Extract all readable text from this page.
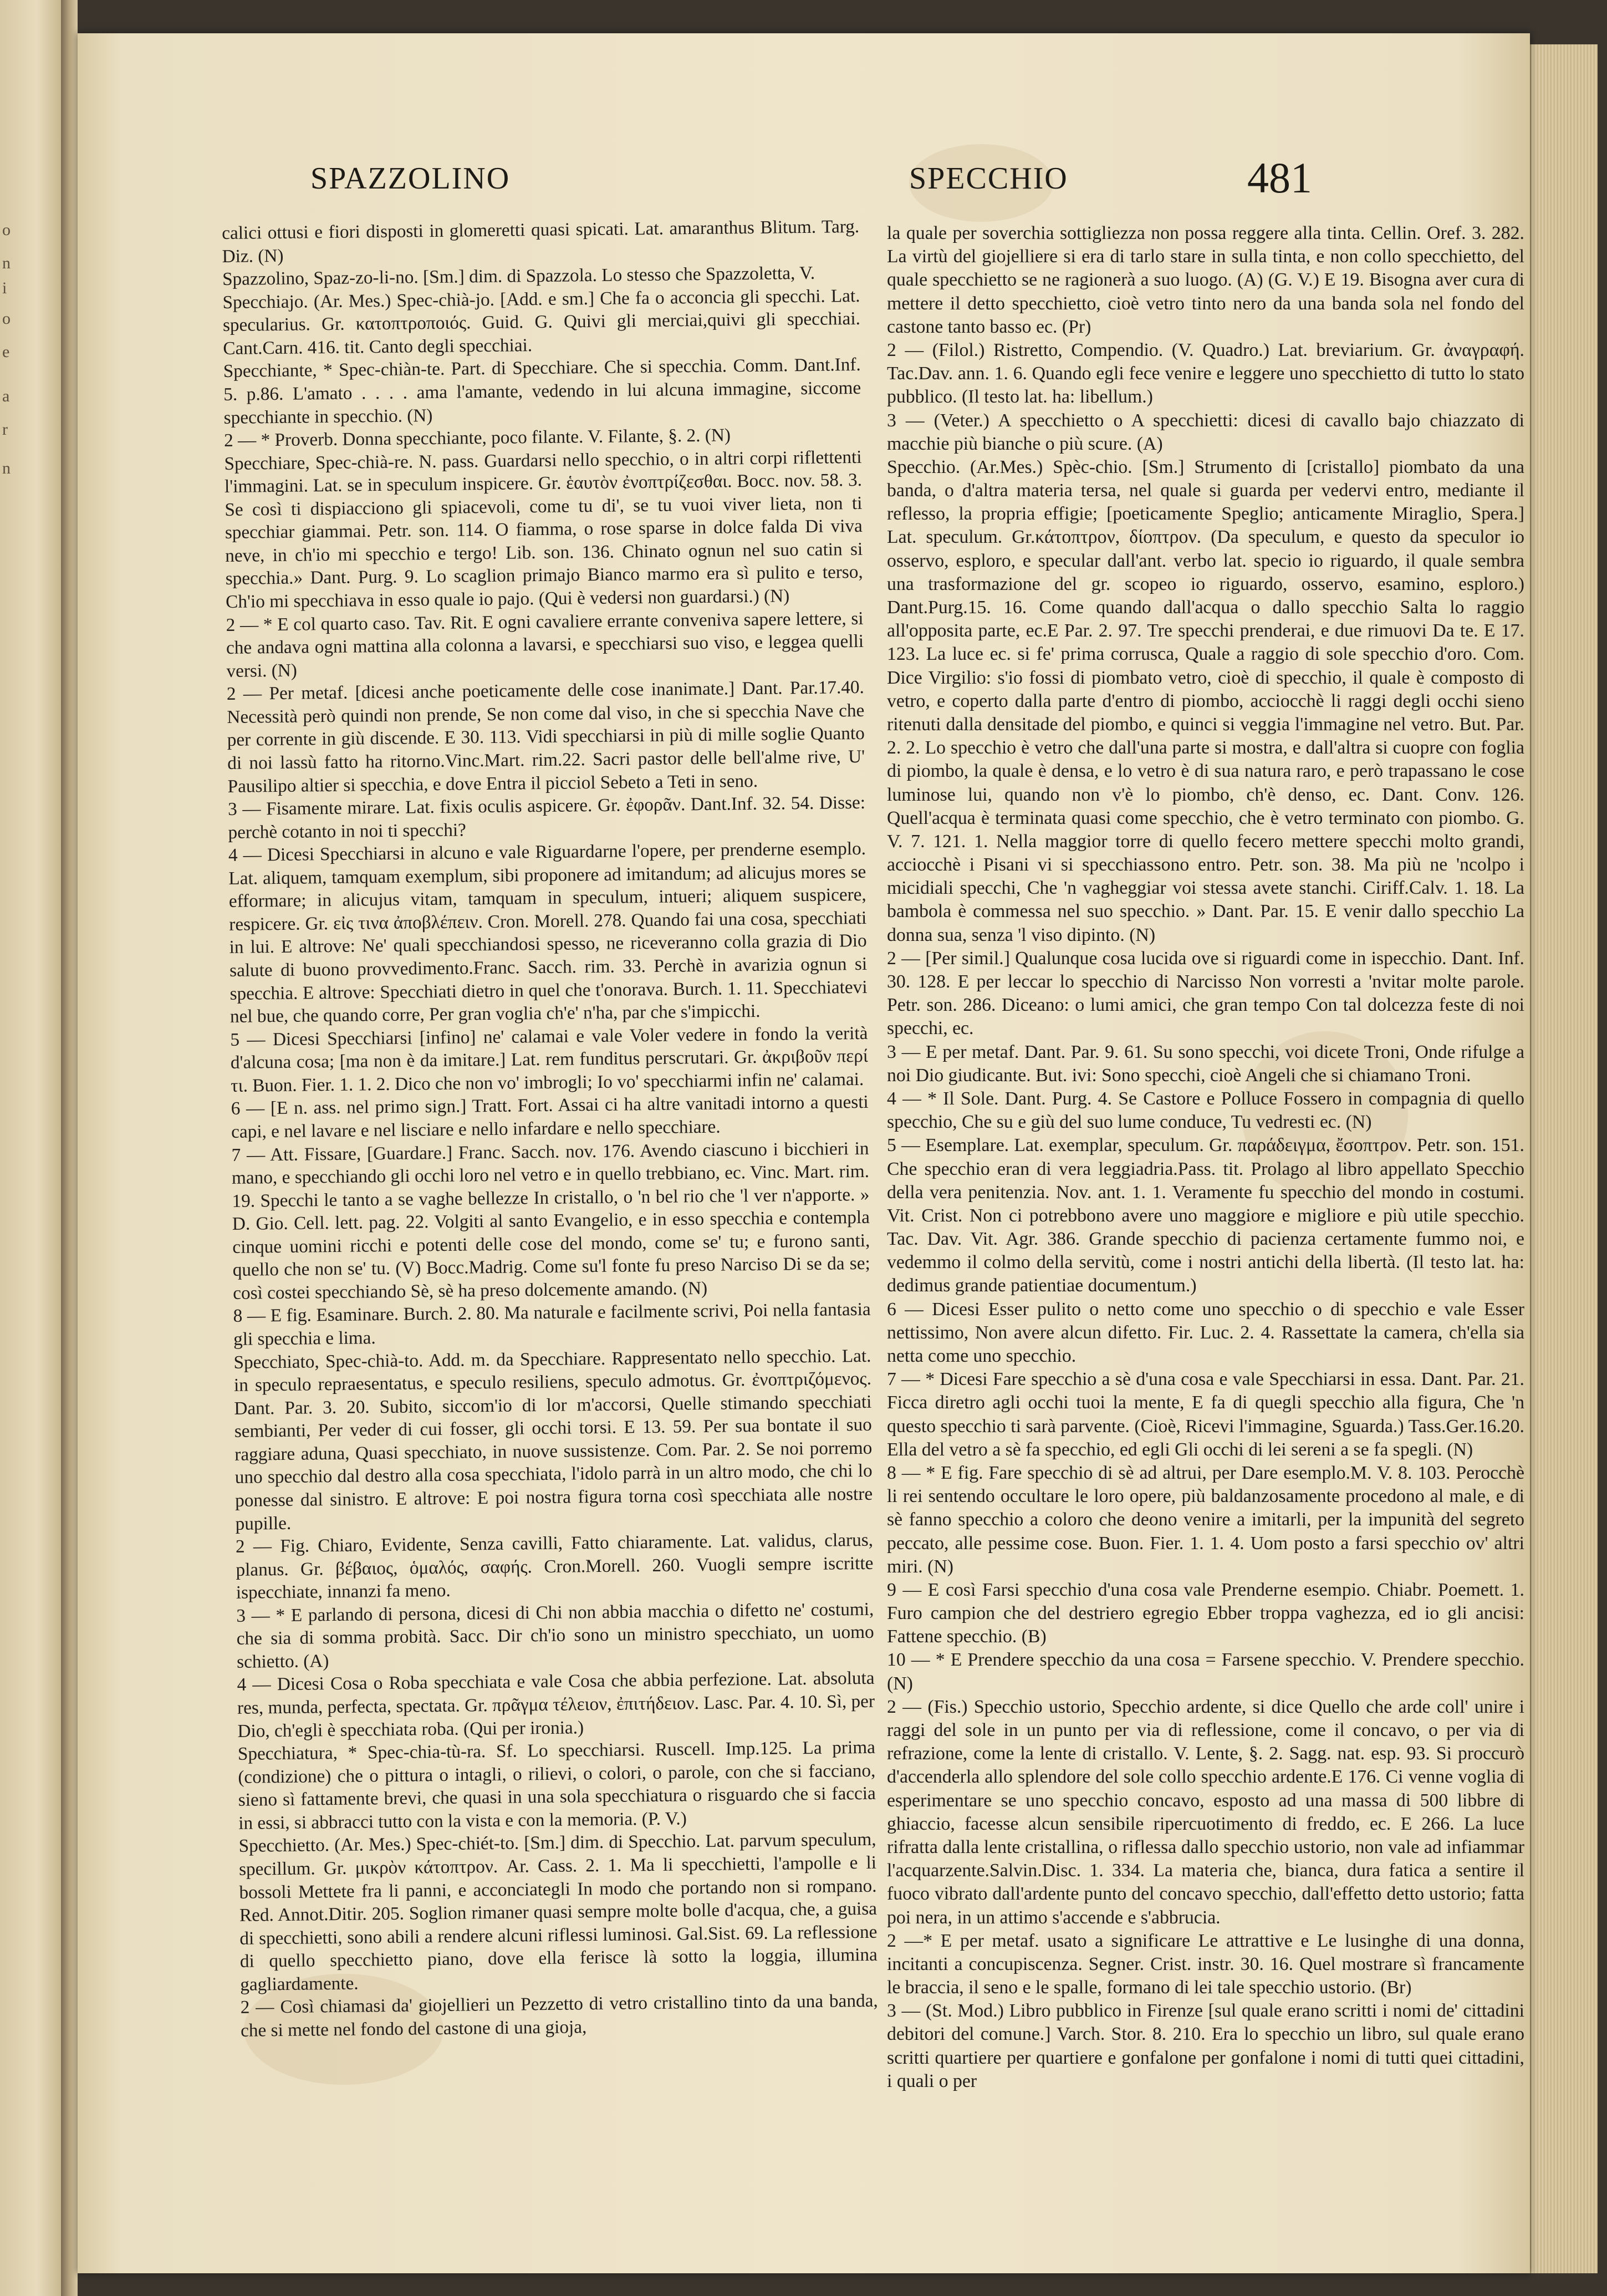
o
n
i
o
e
a
r
n
SPAZZOLINO	SPECCHIO	481

calici ottusi e fiori disposti in glomeretti quasi spicati. Lat. amaranthus Blitum. Targ. Diz. (N)

Spazzolino, Spaz-zo-li-no. [Sm.] dim. di Spazzola. Lo stesso che Spazzoletta, V.

Specchiajo. (Ar. Mes.) Spec-chià-jo. [Add. e sm.] Che fa o acconcia gli specchi. Lat. specularius. Gr. κατοπτροποιός. Guid. G. Quivi gli merciai,quivi gli specchiai. Cant.Carn. 416. tit. Canto degli specchiai.

Specchiante, * Spec-chiàn-te. Part. di Specchiare. Che si specchia. Comm. Dant.Inf. 5. p.86. L'amato . . . . ama l'amante, vedendo in lui alcuna immagine, siccome specchiante in specchio. (N)

2 — * Proverb. Donna specchiante, poco filante. V. Filante, §. 2. (N)

Specchiare, Spec-chià-re. N. pass. Guardarsi nello specchio, o in altri corpi riflettenti l'immagini. Lat. se in speculum inspicere. Gr. ἑαυτὸν ἐνοπτρίζεσθαι. Bocc. nov. 58. 3. Se così ti dispiacciono gli spiacevoli, come tu di', se tu vuoi viver lieta, non ti specchiar giammai. Petr. son. 114. O fiamma, o rose sparse in dolce falda Di viva neve, in ch'io mi specchio e tergo! Lib. son. 136. Chinato ognun nel suo catin si specchia.» Dant. Purg. 9. Lo scaglion primajo Bianco marmo era sì pulito e terso, Ch'io mi specchiava in esso quale io pajo. (Qui è vedersi non guardarsi.) (N)

2 — * E col quarto caso. Tav. Rit. E ogni cavaliere errante conveniva sapere lettere, si che andava ogni mattina alla colonna a lavarsi, e specchiarsi suo viso, e leggea quelli versi. (N)

2 — Per metaf. [dicesi anche poeticamente delle cose inanimate.] Dant. Par.17.40. Necessità però quindi non prende, Se non come dal viso, in che si specchia Nave che per corrente in giù discende. E 30. 113. Vidi specchiarsi in più di mille soglie Quanto di noi lassù fatto ha ritorno.Vinc.Mart. rim.22. Sacri pastor delle bell'alme rive, U' Pausilipo altier si specchia, e dove Entra il picciol Sebeto a Teti in seno.

3 — Fisamente mirare. Lat. fixis oculis aspicere. Gr. ἐφορᾶν. Dant.Inf. 32. 54. Disse: perchè cotanto in noi ti specchi?

4 — Dicesi Specchiarsi in alcuno e vale Riguardarne l'opere, per prenderne esemplo. Lat. aliquem, tamquam exemplum, sibi proponere ad imitandum; ad alicujus mores se efformare; in alicujus vitam, tamquam in speculum, intueri; aliquem suspicere, respicere. Gr. εἰς τινα ἀποβλέπειν. Cron. Morell. 278. Quando fai una cosa, specchiati in lui. E altrove: Ne' quali specchiandosi spesso, ne riceveranno colla grazia di Dio salute di buono provvedimento.Franc. Sacch. rim. 33. Perchè in avarizia ognun si specchia. E altrove: Specchiati dietro in quel che t'onorava. Burch. 1. 11. Specchiatevi nel bue, che quando corre, Per gran voglia ch'e' n'ha, par che s'impicchi.

5 — Dicesi Specchiarsi [infino] ne' calamai e vale Voler vedere in fondo la verità d'alcuna cosa; [ma non è da imitare.] Lat. rem funditus perscrutari. Gr. ἀκριβοῦν περί τι. Buon. Fier. 1. 1. 2. Dico che non vo' imbrogli; Io vo' specchiarmi infin ne' calamai.

6 — [E n. ass. nel primo sign.] Tratt. Fort. Assai ci ha altre vanitadi intorno a questi capi, e nel lavare e nel lisciare e nello infardare e nello specchiare.

7 — Att. Fissare, [Guardare.] Franc. Sacch. nov. 176. Avendo ciascuno i bicchieri in mano, e specchiando gli occhi loro nel vetro e in quello trebbiano, ec. Vinc. Mart. rim. 19. Specchi le tanto a se vaghe bellezze In cristallo, o 'n bel rio che 'l ver n'apporte. » D. Gio. Cell. lett. pag. 22. Volgiti al santo Evangelio, e in esso specchia e contempla cinque uomini ricchi e potenti delle cose del mondo, come se' tu; e furono santi, quello che non se' tu. (V) Bocc.Madrig. Come su'l fonte fu preso Narciso Di se da se; così costei specchiando Sè, sè ha preso dolcemente amando. (N)

8 — E fig. Esaminare. Burch. 2. 80. Ma naturale e facilmente scrivi, Poi nella fantasia gli specchia e lima.

Specchiato, Spec-chià-to. Add. m. da Specchiare. Rappresentato nello specchio. Lat. in speculo repraesentatus, e speculo resiliens, speculo admotus. Gr. ἐνοπτριζόμενος. Dant. Par. 3. 20. Subito, siccom'io di lor m'accorsi, Quelle stimando specchiati sembianti, Per veder di cui fosser, gli occhi torsi. E 13. 59. Per sua bontate il suo raggiare aduna, Quasi specchiato, in nuove sussistenze. Com. Par. 2. Se noi porremo uno specchio dal destro alla cosa specchiata, l'idolo parrà in un altro modo, che chi lo ponesse dal sinistro. E altrove: E poi nostra figura torna così specchiata alle nostre pupille.

2 — Fig. Chiaro, Evidente, Senza cavilli, Fatto chiaramente. Lat. validus, clarus, planus. Gr. βέβαιος, ὁμαλός, σαφής. Cron.Morell. 260. Vuogli sempre iscritte ispecchiate, innanzi fa meno.

3 — * E parlando di persona, dicesi di Chi non abbia macchia o difetto ne' costumi, che sia di somma probità. Sacc. Dir ch'io sono un ministro specchiato, un uomo schietto. (A)

4 — Dicesi Cosa o Roba specchiata e vale Cosa che abbia perfezione. Lat. absoluta res, munda, perfecta, spectata. Gr. πρᾶγμα τέλειον, ἐπιτήδειον. Lasc. Par. 4. 10. Sì, per Dio, ch'egli è specchiata roba. (Qui per ironia.)

Specchiatura, * Spec-chia-tù-ra. Sf. Lo specchiarsi. Ruscell. Imp.125. La prima (condizione) che o pittura o intagli, o rilievi, o colori, o parole, con che si facciano, sieno sì fattamente brevi, che quasi in una sola specchiatura o risguardo che si faccia in essi, si abbracci tutto con la vista e con la memoria. (P. V.)

Specchietto. (Ar. Mes.) Spec-chiét-to. [Sm.] dim. di Specchio. Lat. parvum speculum, specillum. Gr. μικρὸν κάτοπτρον. Ar. Cass. 2. 1. Ma li specchietti, l'ampolle e li bossoli Mettete fra li panni, e acconciategli In modo che portando non si rompano. Red. Annot.Ditir. 205. Soglion rimaner quasi sempre molte bolle d'acqua, che, a guisa di specchietti, sono abili a rendere alcuni riflessi luminosi. Gal.Sist. 69. La reflessione di quello specchietto piano, dove ella ferisce là sotto la loggia, illumina gagliardamente.

2 — Così chiamasi da' giojellieri un Pezzetto di vetro cristallino tinto da una banda, che si mette nel fondo del castone di una gioja,

la quale per soverchia sottigliezza non possa reggere alla tinta. Cellin. Oref. 3. 282. La virtù del giojelliere si era di tarlo stare in sulla tinta, e non collo specchietto, del quale specchietto se ne ragionerà a suo luogo. (A) (G. V.) E 19. Bisogna aver cura di mettere il detto specchietto, cioè vetro tinto nero da una banda sola nel fondo del castone tanto basso ec. (Pr)

2 — (Filol.) Ristretto, Compendio. (V. Quadro.) Lat. breviarium. Gr. ἀναγραφή. Tac.Dav. ann. 1. 6. Quando egli fece venire e leggere uno specchietto di tutto lo stato pubblico. (Il testo lat. ha: libellum.)

3 — (Veter.) A specchietto o A specchietti: dicesi di cavallo bajo chiazzato di macchie più bianche o più scure. (A)

Specchio. (Ar.Mes.) Spèc-chio. [Sm.] Strumento di [cristallo] piombato da una banda, o d'altra materia tersa, nel quale si guarda per vedervi entro, mediante il reflesso, la propria effigie; [poeticamente Speglio; anticamente Miraglio, Spera.] Lat. speculum. Gr.κάτοπτρον, δίοπτρον. (Da speculum, e questo da speculor io osservo, esploro, e specular dall'ant. verbo lat. specio io riguardo, il quale sembra una trasformazione del gr. scopeo io riguardo, osservo, esamino, esploro.) Dant.Purg.15. 16. Come quando dall'acqua o dallo specchio Salta lo raggio all'opposita parte, ec.E Par. 2. 97. Tre specchi prenderai, e due rimuovi Da te. E 17. 123. La luce ec. si fe' prima corrusca, Quale a raggio di sole specchio d'oro. Com. Dice Virgilio: s'io fossi di piombato vetro, cioè di specchio, il quale è composto di vetro, e coperto dalla parte d'entro di piombo, acciocchè li raggi degli occhi sieno ritenuti dalla densitade del piombo, e quinci si veggia l'immagine nel vetro. But. Par. 2. 2. Lo specchio è vetro che dall'una parte si mostra, e dall'altra si cuopre con foglia di piombo, la quale è densa, e lo vetro è di sua natura raro, e però trapassano le cose luminose lui, quando non v'è lo piombo, ch'è denso, ec. Dant. Conv. 126. Quell'acqua è terminata quasi come specchio, che è vetro terminato con piombo. G. V. 7. 121. 1. Nella maggior torre di quello fecero mettere specchi molto grandi, acciocchè i Pisani vi si specchiassono entro. Petr. son. 38. Ma più ne 'ncolpo i micidiali specchi, Che 'n vagheggiar voi stessa avete stanchi. Ciriff.Calv. 1. 18. La bambola è commessa nel suo specchio. » Dant. Par. 15. E venir dallo specchio La donna sua, senza 'l viso dipinto. (N)

2 — [Per simil.] Qualunque cosa lucida ove si riguardi come in ispecchio. Dant. Inf. 30. 128. E per leccar lo specchio di Narcisso Non vorresti a 'nvitar molte parole. Petr. son. 286. Diceano: o lumi amici, che gran tempo Con tal dolcezza feste di noi specchi, ec.

3 — E per metaf. Dant. Par. 9. 61. Su sono specchi, voi dicete Troni, Onde rifulge a noi Dio giudicante. But. ivi: Sono specchi, cioè Angeli che si chiamano Troni.

4 — * Il Sole. Dant. Purg. 4. Se Castore e Polluce Fossero in compagnia di quello specchio, Che su e giù del suo lume conduce, Tu vedresti ec. (N)

5 — Esemplare. Lat. exemplar, speculum. Gr. παράδειγμα, ἔσοπτρον. Petr. son. 151. Che specchio eran di vera leggiadria.Pass. tit. Prolago al libro appellato Specchio della vera penitenzia. Nov. ant. 1. 1. Veramente fu specchio del mondo in costumi. Vit. Crist. Non ci potrebbono avere uno maggiore e migliore e più utile specchio. Tac. Dav. Vit. Agr. 386. Grande specchio di pacienza certamente fummo noi, e vedemmo il colmo della servitù, come i nostri antichi della libertà. (Il testo lat. ha: dedimus grande patientiae documentum.)

6 — Dicesi Esser pulito o netto come uno specchio o di specchio e vale Esser nettissimo, Non avere alcun difetto. Fir. Luc. 2. 4. Rassettate la camera, ch'ella sia netta come uno specchio.

7 — * Dicesi Fare specchio a sè d'una cosa e vale Specchiarsi in essa. Dant. Par. 21. Ficca diretro agli occhi tuoi la mente, E fa di quegli specchio alla figura, Che 'n questo specchio ti sarà parvente. (Cioè, Ricevi l'immagine, Sguarda.) Tass.Ger.16.20. Ella del vetro a sè fa specchio, ed egli Gli occhi di lei sereni a se fa spegli. (N)

8 — * E fig. Fare specchio di sè ad altrui, per Dare esemplo.M. V. 8. 103. Perocchè li rei sentendo occultare le loro opere, più baldanzosamente procedono al male, e di sè fanno specchio a coloro che deono venire a imitarli, per la impunità del segreto peccato, alle pessime cose. Buon. Fier. 1. 1. 4. Uom posto a farsi specchio ov' altri miri. (N)

9 — E così Farsi specchio d'una cosa vale Prenderne esempio. Chiabr. Poemett. 1. Furo campion che del destriero egregio Ebber troppa vaghezza, ed io gli ancisi: Fattene specchio. (B)

10 — * E Prendere specchio da una cosa = Farsene specchio. V. Prendere specchio. (N)

2 — (Fis.) Specchio ustorio, Specchio ardente, si dice Quello che arde coll' unire i raggi del sole in un punto per via di reflessione, come il concavo, o per via di refrazione, come la lente di cristallo. V. Lente, §. 2. Sagg. nat. esp. 93. Si proccurò d'accenderla allo splendore del sole collo specchio ardente.E 176. Ci venne voglia di esperimentare se uno specchio concavo, esposto ad una massa di 500 libbre di ghiaccio, facesse alcun sensibile ripercuotimento di freddo, ec. E 266. La luce rifratta dalla lente cristallina, o riflessa dallo specchio ustorio, non vale ad infiammar l'acquarzente.Salvin.Disc. 1. 334. La materia che, bianca, dura fatica a sentire il fuoco vibrato dall'ardente punto del concavo specchio, dall'effetto detto ustorio; fatta poi nera, in un attimo s'accende e s'abbrucia.

2 —* E per metaf. usato a significare Le attrattive e Le lusinghe di una donna, incitanti a concupiscenza. Segner. Crist. instr. 30. 16. Quel mostrare sì francamente le braccia, il seno e le spalle, formano di lei tale specchio ustorio. (Br)

3 — (St. Mod.) Libro pubblico in Firenze [sul quale erano scritti i nomi de' cittadini debitori del comune.] Varch. Stor. 8. 210. Era lo specchio un libro, sul quale erano scritti quartiere per quartiere e gonfalone per gonfalone i nomi di tutti quei cittadini, i quali o per
